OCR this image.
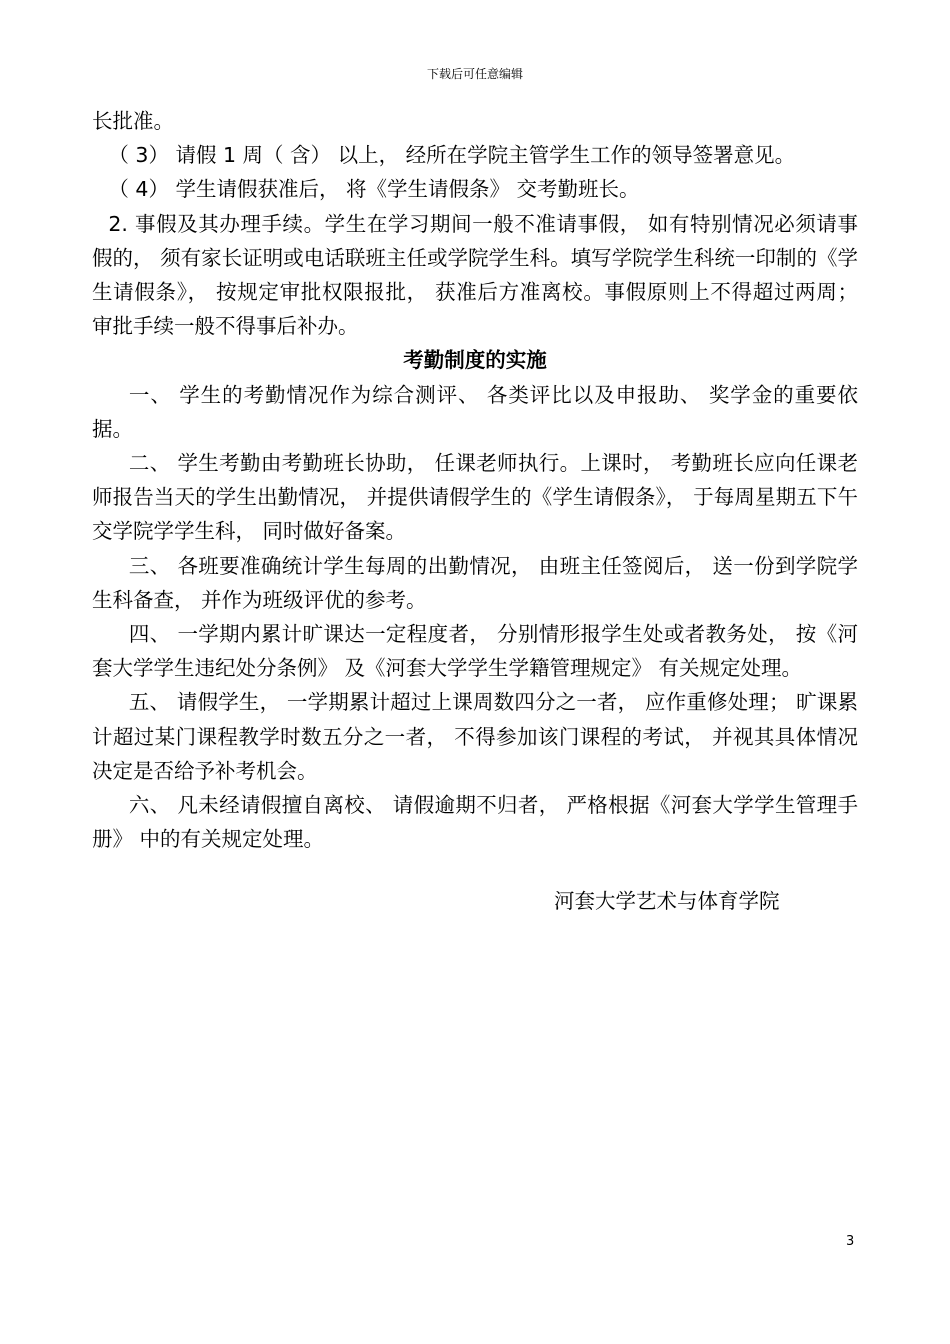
下载后可任意编辑

长批准。

（ 3） 请假 1 周（ 含） 以上， 经所在学院主管学生工作的领导签署意见。

（ 4） 学生请假获准后， 将《学生请假条》 交考勤班长。

2. 事假及其办理手续。学生在学习期间一般不准请事假， 如有特别情况必须请事假的， 须有家长证明或电话联班主任或学院学生科。填写学院学生科统一印制的《学生请假条》， 按规定审批权限报批， 获准后方准离校。事假原则上不得超过两周； 审批手续一般不得事后补办。

考勤制度的实施

一、 学生的考勤情况作为综合测评、 各类评比以及申报助、 奖学金的重要依据。

二、 学生考勤由考勤班长协助， 任课老师执行。上课时， 考勤班长应向任课老师报告当天的学生出勤情况， 并提供请假学生的《学生请假条》， 于每周星期五下午交学院学学生科， 同时做好备案。

三、 各班要准确统计学生每周的出勤情况， 由班主任签阅后， 送一份到学院学生科备查， 并作为班级评优的参考。

四、 一学期内累计旷课达一定程度者， 分别情形报学生处或者教务处， 按《河套大学学生违纪处分条例》 及《河套大学学生学籍管理规定》 有关规定处理。

五、 请假学生， 一学期累计超过上课周数四分之一者， 应作重修处理； 旷课累计超过某门课程教学时数五分之一者， 不得参加该门课程的考试， 并视其具体情况决定是否给予补考机会。

六、 凡未经请假擅自离校、 请假逾期不归者， 严格根据《河套大学学生管理手册》 中的有关规定处理。

河套大学艺术与体育学院
3
